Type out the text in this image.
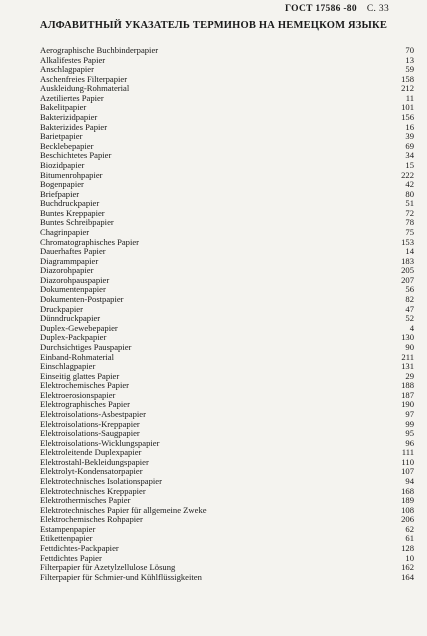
ГОСТ 17586 -80 С. 33
АЛФАВИТНЫЙ УКАЗАТЕЛЬ ТЕРМИНОВ НА НЕМЕЦКОМ ЯЗЫКЕ
Aerographische Buchbinderpapier	70
Alkalifestes Papier	13
Anschlagpapier	59
Aschenfreies Filterpapier	158
Auskleidung-Rohmaterial	212
Azetiliertes Papier	11
Bakelitpapier	101
Bakterizidpapier	156
Bakterizides Papier	16
Barietpapier	39
Becklebepapier	69
Beschichtetes Papier	34
Biozidpapier	15
Bitumenrohpapier	222
Bogenpapier	42
Briefpapier	80
Buchdruckpapier	51
Buntes Kreppapier	72
Buntes Schreibpapier	78
Chagrinpapier	75
Chromatographisches Papier	153
Dauerhaftes Papier	14
Diagrammpapier	183
Diazorohpapier	205
Diazorohpauspapier	207
Dokumentenpapier	56
Dokumenten-Postpapier	82
Druckpapier	47
Dünndruckpapier	52
Duplex-Gewebepapier	4
Duplex-Packpapier	130
Durchsichtiges Pauspapier	90
Einband-Rohmaterial	211
Einschlagpapier	131
Einseitig glattes Papier	29
Elektrochemisches Papier	188
Elektroerosionspapier	187
Elektrographisches Papier	190
Elektroisolations-Asbestpapier	97
Elektroisolations-Kreppapier	99
Elektroisolations-Saugpapier	95
Elektroisolations-Wicklungspapier	96
Elektroleitende Duplexpapier	111
Elektrostahl-Bekleidungspapier	110
Elektrolyt-Kondensatorpapier	107
Elektrotechnisches Isolationspapier	94
Elektrotechnisches Kreppapier	168
Elektrothermisches Papier	189
Elektrotechnisches Papier für allgemeine Zweke	108
Elektrochemisches Rohpapier	206
Estampenpapier	62
Etikettenpapier	61
Fettdichtes-Packpapier	128
Fettdichtes Papier	10
Filterpapier für Azetylzellulose Lösung	162
Filterpapier für Schmier-und Kühlflüssigkeiten	164
